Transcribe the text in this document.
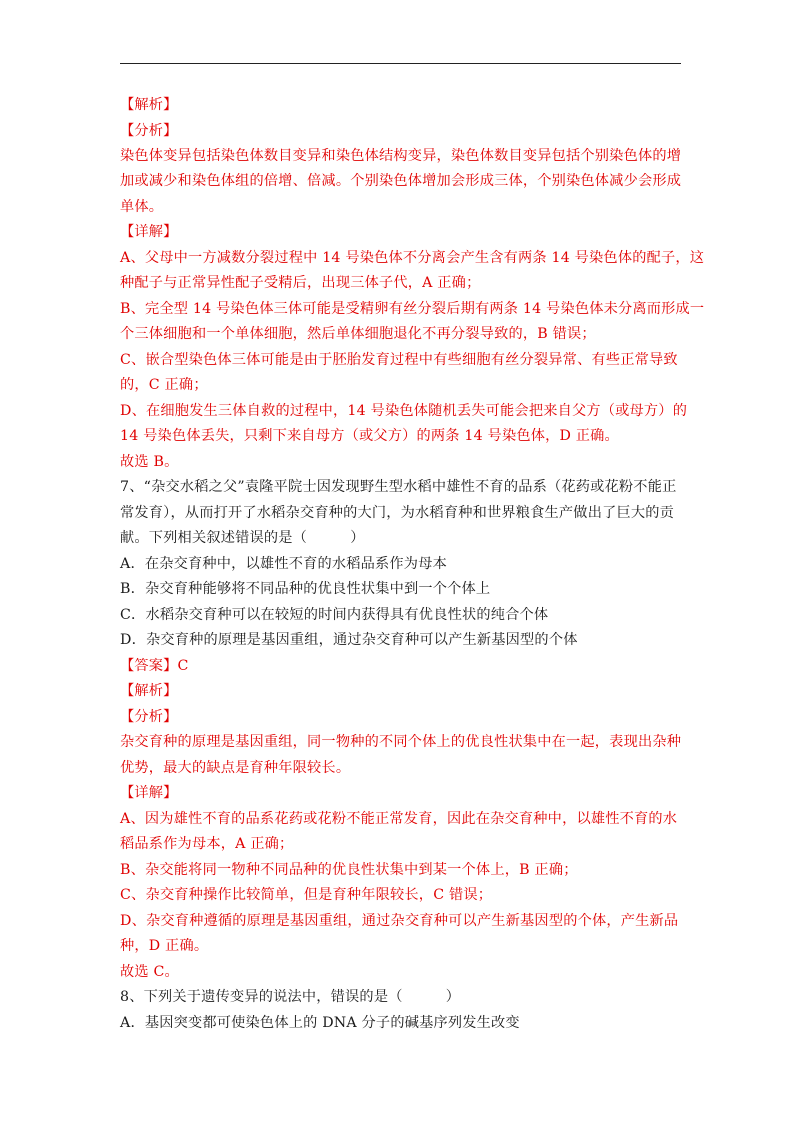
【解析】
【分析】
染色体变异包括染色体数目变异和染色体结构变异，染色体数目变异包括个别染色体的增
加或减少和染色体组的倍增、倍减。个别染色体增加会形成三体，个别染色体减少会形成
单体。
【详解】
A、父母中一方减数分裂过程中 14 号染色体不分离会产生含有两条 14 号染色体的配子，这
种配子与正常异性配子受精后，出现三体子代，A 正确；
B、完全型 14 号染色体三体可能是受精卵有丝分裂后期有两条 14 号染色体未分离而形成一
个三体细胞和一个单体细胞，然后单体细胞退化不再分裂导致的，B 错误；
C、嵌合型染色体三体可能是由于胚胎发育过程中有些细胞有丝分裂异常、有些正常导致
的，C 正确；
D、在细胞发生三体自救的过程中，14 号染色体随机丢失可能会把来自父方（或母方）的
14 号染色体丢失，只剩下来自母方（或父方）的两条 14 号染色体，D 正确。
故选 B。
7、“杂交水稻之父”袁隆平院士因发现野生型水稻中雄性不育的品系（花药或花粉不能正
常发育），从而打开了水稻杂交育种的大门，为水稻育种和世界粮食生产做出了巨大的贡
献。下列相关叙述错误的是（　　　）
A．在杂交育种中，以雄性不育的水稻品系作为母本
B．杂交育种能够将不同品种的优良性状集中到一个个体上
C．水稻杂交育种可以在较短的时间内获得具有优良性状的纯合个体
D．杂交育种的原理是基因重组，通过杂交育种可以产生新基因型的个体
【答案】C
【解析】
【分析】
杂交育种的原理是基因重组，同一物种的不同个体上的优良性状集中在一起，表现出杂种
优势，最大的缺点是育种年限较长。
【详解】
A、因为雄性不育的品系花药或花粉不能正常发育，因此在杂交育种中，以雄性不育的水
稻品系作为母本，A 正确；
B、杂交能将同一物种不同品种的优良性状集中到某一个体上，B 正确；
C、杂交育种操作比较简单，但是育种年限较长，C 错误；
D、杂交育种遵循的原理是基因重组，通过杂交育种可以产生新基因型的个体，产生新品
种，D 正确。
故选 C。
8、下列关于遗传变异的说法中，错误的是（　　　）
A．基因突变都可使染色体上的 DNA 分子的碱基序列发生改变
